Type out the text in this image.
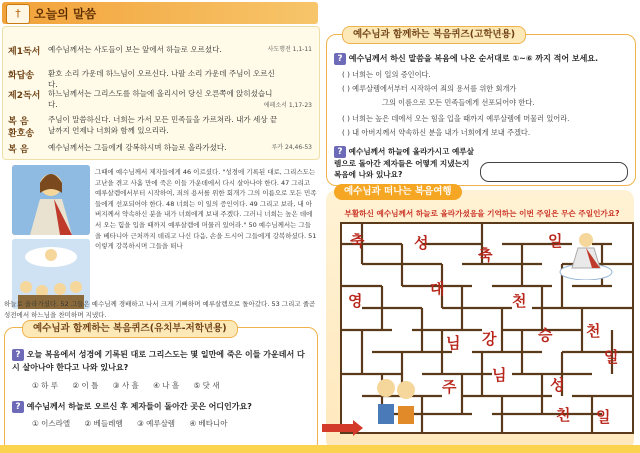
†	오늘의 말씀
제1독서	예수님께서는 사도들이 보는 앞에서 하늘로 오르셨다.	사도행전 1,1-11
화답송	환호 소리 가운데 하느님이 오르신다. 나팔 소리 가운데 주님이 오르신다.
제2독서	하느님께서는 그리스도를 하늘에 올리시어 당신 오른쪽에 앉히셨습니다.	에페소서 1,17-23
복 음	주님이 말씀하신다. 너희는 가서 모든 민족들을 가르쳐라. 내가 세상 끝 날까지 언제나 너희와 함께 있으리라.
환호송
복 음	예수님께서는 그들에게 강복하시며 하늘로 올라가셨다.	루카 24,46-53
그때에 예수님께서 제자들에게 46 이르셨다. "성경에 기록된 대로, 그리스도는 고난을 겪고 사흘 만에 죽은 이들 가운데에서 다시 살아나야 한다. 47 그리고 예루살렘에서부터 시작하여, 죄의 용서를 위한 회개가 그의 이름으로 모든 민족들에게 선포되어야 한다. 48 너희는 이 일의 증인이다. 49 그리고 보라, 내 아버지께서 약속하신 분을 내가 너희에게 보내 주겠다. 그러니 너희는 높은 데에서 오는 힘을 입을 때까지 예루살렘에 머물러 있어라." 50 예수님께서는 그들을 베타니아 근처까지 데리고 나신 다음, 손을 드시어 그들에게 강복하셨다. 51 이렇게 강복하시며 그들을 떠나
하늘로 올라가셨다. 52 그들은 예수님께 경배하고 나서 크게 기뻐하며 예루살렘으로 돌아갔다. 53 그리고 줄곧 성전에서 하느님을 찬미하며 지냈다.
예수님과 함께하는 복음퀴즈(유치부-저학년용)
? 오늘 복음에서 성경에 기록된 대로 그리스도는 몇 일만에 죽은 이들 가운데서 다시 살아나야 한다고 나와 있나요?
① 하 루 ② 이 틀 ③ 사 흘 ④ 나 흘 ⑤ 닷 새
? 예수님께서 하늘로 오르신 후 제자들이 돌아간 곳은 어디인가요?
① 이스라엘 ② 베들레헴 ③ 예루살렘 ④ 베타니아
예수님과 함께하는 복음퀴즈(고학년용)
? 예수님께서 하신 말씀을 복음에 나온 순서대로 ①~⑥ 까지 적어 보세요.
( ) 너희는 이 일의 증인이다.
( ) 예루살렘에서부터 시작하여 죄의 용서를 위한 회개가
그의 이름으로 모든 민족들에게 선포되어야 한다.
( ) 너희는 높은 데에서 오는 힘을 입을 때까지 예루살렘에 머물러 있어라.
( ) 내 아버지께서 약속하신 분을 내가 너희에게 보내 주겠다.
? 예수님께서 하늘에 올라가시고 예루살렘으로 돌아간 제자들은 어떻게 지냈는지 복음에 나와 있나요?
예수님과 떠나는 복음여행
부활하신 예수님께서 하늘로 올라가셨음을 기억하는 이번 주일은 무슨 주일인가요?
축	성
축
일
영
대
천
님 강	승 천
일
님
주	성
친 일
